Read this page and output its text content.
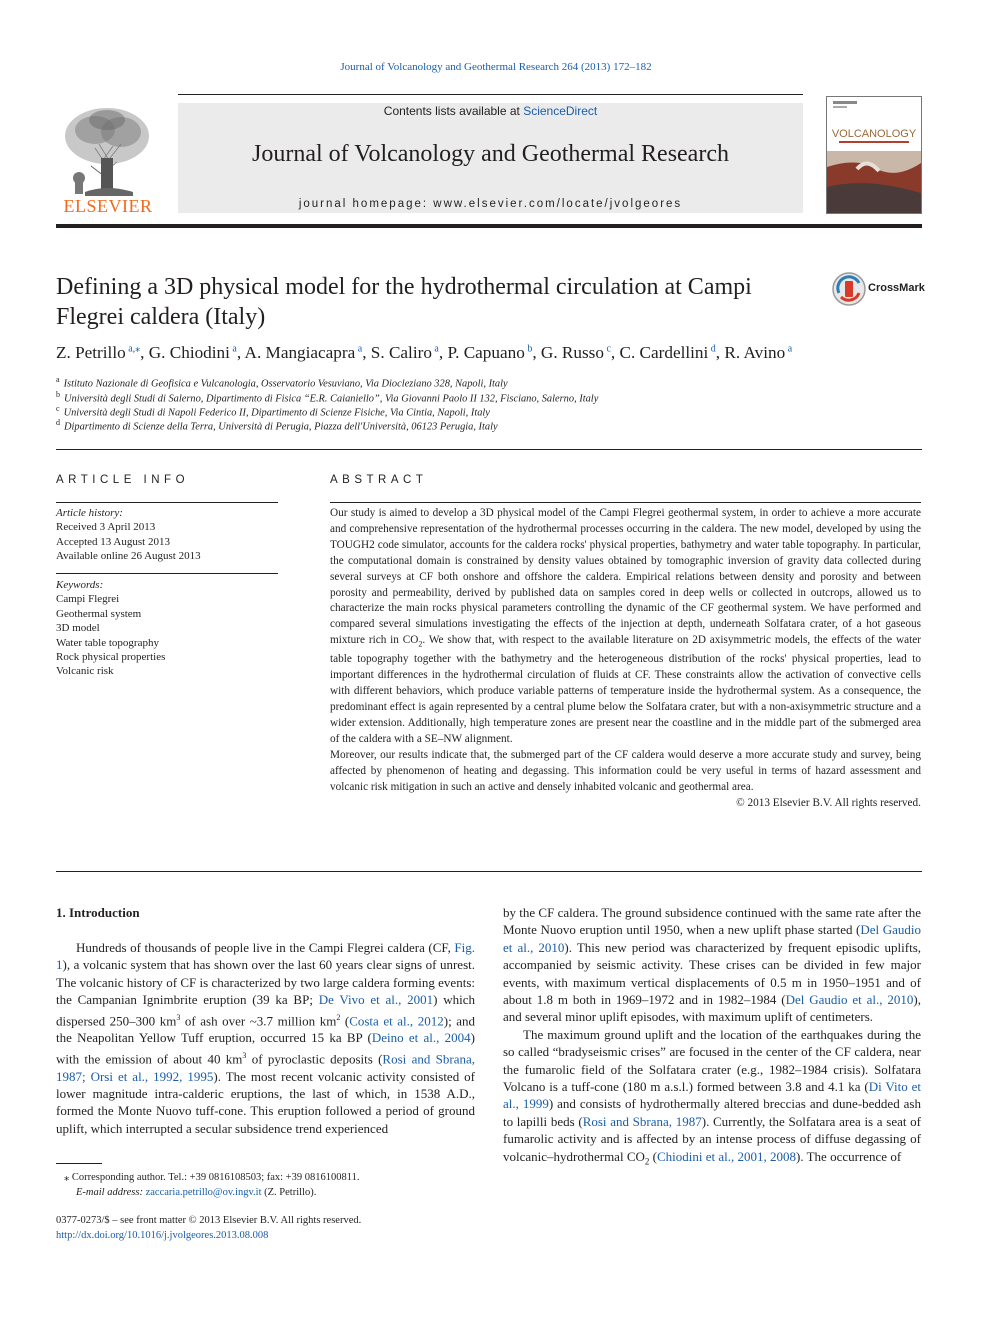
Journal of Volcanology and Geothermal Research 264 (2013) 172–182
ELSEVIER
Contents lists available at ScienceDirect
Journal of Volcanology and Geothermal Research
journal homepage: www.elsevier.com/locate/jvolgeores
VOLCANOLOGY
Defining a 3D physical model for the hydrothermal circulation at Campi Flegrei caldera (Italy)
CrossMark
Z. Petrillo $^{a,⁎}$, G. Chiodini $^a$, A. Mangiacapra $^a$, S. Caliro $^a$, P. Capuano $^b$, G. Russo $^c$, C. Cardellini $^d$, R. Avino $^a$
$^a$ Istituto Nazionale di Geofisica e Vulcanologia, Osservatorio Vesuviano, Via Diocleziano 328, Napoli, Italy
$^b$ Università degli Studi di Salerno, Dipartimento di Fisica “E.R. Caianiello”, Via Giovanni Paolo II 132, Fisciano, Salerno, Italy
$^c$ Università degli Studi di Napoli Federico II, Dipartimento di Scienze Fisiche, Via Cintia, Napoli, Italy
$^d$ Dipartimento di Scienze della Terra, Università di Perugia, Piazza dell'Università, 06123 Perugia, Italy
ARTICLE INFO
Article history:
Received 3 April 2013
Accepted 13 August 2013
Available online 26 August 2013
Keywords:
Campi Flegrei
Geothermal system
3D model
Water table topography
Rock physical properties
Volcanic risk
ABSTRACT

Our study is aimed to develop a 3D physical model of the Campi Flegrei geothermal system, in order to achieve a more accurate and comprehensive representation of the hydrothermal processes occurring in the caldera. The new model, developed by using the TOUGH2 code simulator, accounts for the caldera rocks' physical properties, bathymetry and water table topography. In particular, the computational domain is constrained by density values obtained by tomographic inversion of gravity data collected during several surveys at CF both onshore and offshore the caldera. Empirical relations between density and porosity and between porosity and permeability, derived by published data on samples cored in deep wells or collected in outcrops, allowed us to characterize the main rocks physical parameters controlling the dynamic of the CF geothermal system. We have performed and compared several simulations investigating the effects of the injection at depth, underneath Solfatara crater, of a hot gaseous mixture rich in $CO_2$. We show that, with respect to the available literature on 2D axisymmetric models, the effects of the water table topography together with the bathymetry and the heterogeneous distribution of the rocks' physical properties, lead to important differences in the hydrothermal circulation of fluids at CF. These constraints allow the activation of convective cells with different behaviors, which produce variable patterns of temperature inside the hydrothermal system. As a consequence, the predominant effect is again represented by a central plume below the Solfatara crater, but with a non-axisymmetric structure and a wider extension. Additionally, high temperature zones are present near the coastline and in the middle part of the submerged area of the caldera with a SE–NW alignment.

Moreover, our results indicate that, the submerged part of the CF caldera would deserve a more accurate study and survey, being affected by phenomenon of heating and degassing. This information could be very useful in terms of hazard assessment and volcanic risk mitigation in such an active and densely inhabited volcanic and geothermal area.

© 2013 Elsevier B.V. All rights reserved.

1. Introduction

Hundreds of thousands of people live in the Campi Flegrei caldera (CF, Fig. 1), a volcanic system that has shown over the last 60 years clear signs of unrest. The volcanic history of CF is characterized by two large caldera forming events: the Campanian Ignimbrite eruption (39 ka BP; De Vivo et al., 2001) which dispersed 250–300 $km^3$ of ash over ~3.7 million $km^2$ (Costa et al., 2012); and the Neapolitan Yellow Tuff eruption, occurred 15 ka BP (Deino et al., 2004) with the emission of about 40 $km^3$ of pyroclastic deposits (Rosi and Sbrana, 1987; Orsi et al., 1992, 1995). The most recent volcanic activity consisted of lower magnitude intra-calderic eruptions, the last of which, in 1538 A.D., formed the Monte Nuovo tuff-cone. This eruption followed a period of ground uplift, which interrupted a secular subsidence trend experienced

by the CF caldera. The ground subsidence continued with the same rate after the Monte Nuovo eruption until 1950, when a new uplift phase started (Del Gaudio et al., 2010). This new period was characterized by frequent episodic uplifts, accompanied by seismic activity. These crises can be divided in few major events, with maximum vertical displacements of 0.5 m in 1950–1951 and of about 1.8 m both in 1969–1972 and in 1982–1984 (Del Gaudio et al., 2010), and several minor uplift episodes, with maximum uplift of centimeters.

The maximum ground uplift and the location of the earthquakes during the so called “bradyseismic crises” are focused in the center of the CF caldera, near the fumarolic field of the Solfatara crater (e.g., 1982–1984 crisis). Solfatara Volcano is a tuff-cone (180 m a.s.l.) formed between 3.8 and 4.1 ka (Di Vito et al., 1999) and consists of hydrothermally altered breccias and dune-bedded ash to lapilli beds (Rosi and Sbrana, 1987). Currently, the Solfatara area is a seat of fumarolic activity and is affected by an intense process of diffuse degassing of volcanic–hydrothermal $CO_2$ (Chiodini et al., 2001, 2008). The occurrence of

⁎ Corresponding author. Tel.: +39 0816108503; fax: +39 0816100811.
E-mail address: zaccaria.petrillo@ov.ingv.it (Z. Petrillo).
0377-0273/$ – see front matter © 2013 Elsevier B.V. All rights reserved.
http://dx.doi.org/10.1016/j.jvolgeores.2013.08.008
